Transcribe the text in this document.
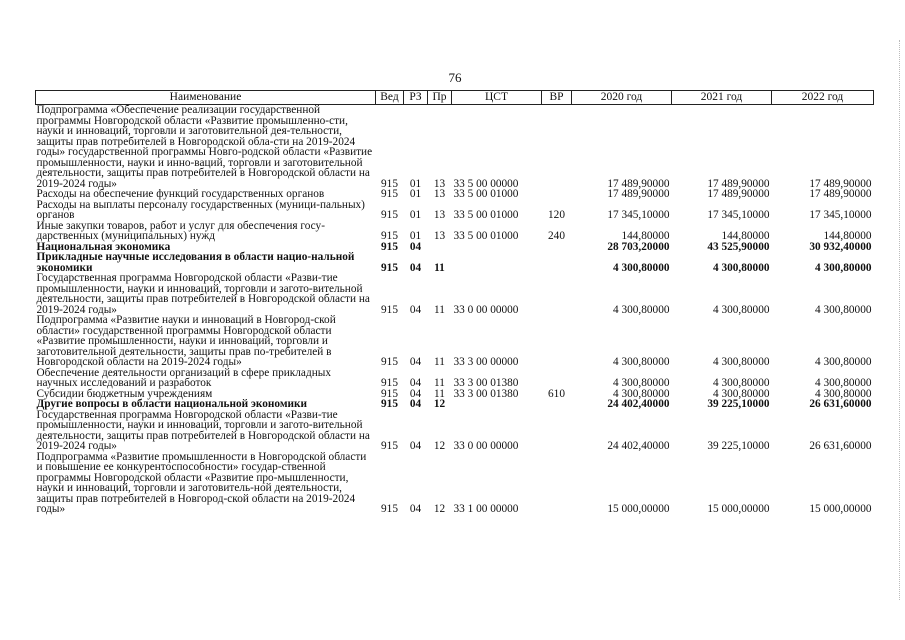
76
Наименование	Вед	РЗ	Пр	ЦСТ	ВР	2020 год	2021 год	2022 год
Подпрограмма «Обеспечение реализации государственной программы Новгородской области «Развитие промышленно-сти, науки и инноваций, торговли и заготовительной дея-тельности, защиты прав потребителей в Новгородской обла-сти на 2019-2024 годы» государственной программы Новго-родской области «Развитие промышленности, науки и инно-ваций, торговли и заготовительной деятельности, защиты прав потребителей в Новгородской области на 2019-2024 годы»	915	01	13	33 5 00 00000		17 489,90000	17 489,90000	17 489,90000
Расходы на обеспечение функций государственных органов	915	01	13	33 5 00 01000		17 489,90000	17 489,90000	17 489,90000
Расходы на выплаты персоналу государственных (муници-пальных) органов	915	01	13	33 5 00 01000	120	17 345,10000	17 345,10000	17 345,10000
Иные закупки товаров, работ и услуг для обеспечения госу-дарственных (муниципальных) нужд	915	01	13	33 5 00 01000	240	144,80000	144,80000	144,80000
Национальная экономика	915	04				28 703,20000	43 525,90000	30 932,40000
Прикладные научные исследования в области нацио-нальной экономики	915	04	11			4 300,80000	4 300,80000	4 300,80000
Государственная программа Новгородской области «Разви-тие промышленности, науки и инноваций, торговли и загото-вительной деятельности, защиты прав потребителей в Новгородской области на 2019-2024 годы»	915	04	11	33 0 00 00000		4 300,80000	4 300,80000	4 300,80000
Подпрограмма «Развитие науки и инноваций в Новгород-ской области» государственной программы Новгородской области «Развитие промышленности, науки и инноваций, торговли и заготовительной деятельности, защиты прав по-требителей в Новгородской области на 2019-2024 годы»	915	04	11	33 3 00 00000		4 300,80000	4 300,80000	4 300,80000
Обеспечение деятельности организаций в сфере прикладных научных исследований и разработок	915	04	11	33 3 00 01380		4 300,80000	4 300,80000	4 300,80000
Субсидии бюджетным учреждениям	915	04	11	33 3 00 01380	610	4 300,80000	4 300,80000	4 300,80000
Другие вопросы в области национальной экономики	915	04	12			24 402,40000	39 225,10000	26 631,60000
Государственная программа Новгородской области «Разви-тие промышленности, науки и инноваций, торговли и загото-вительной деятельности, защиты прав потребителей в Новгородской области на 2019-2024 годы»	915	04	12	33 0 00 00000		24 402,40000	39 225,10000	26 631,60000
Подпрограмма «Развитие промышленности в Новгородской области и повышение ее конкурентоспособности» государ-ственной программы Новгородской области «Развитие про-мышленности, науки и инноваций, торговли и заготовитель-ной деятельности, защиты прав потребителей в Новгород-ской области на 2019-2024 годы»	915	04	12	33 1 00 00000		15 000,00000	15 000,00000	15 000,00000
